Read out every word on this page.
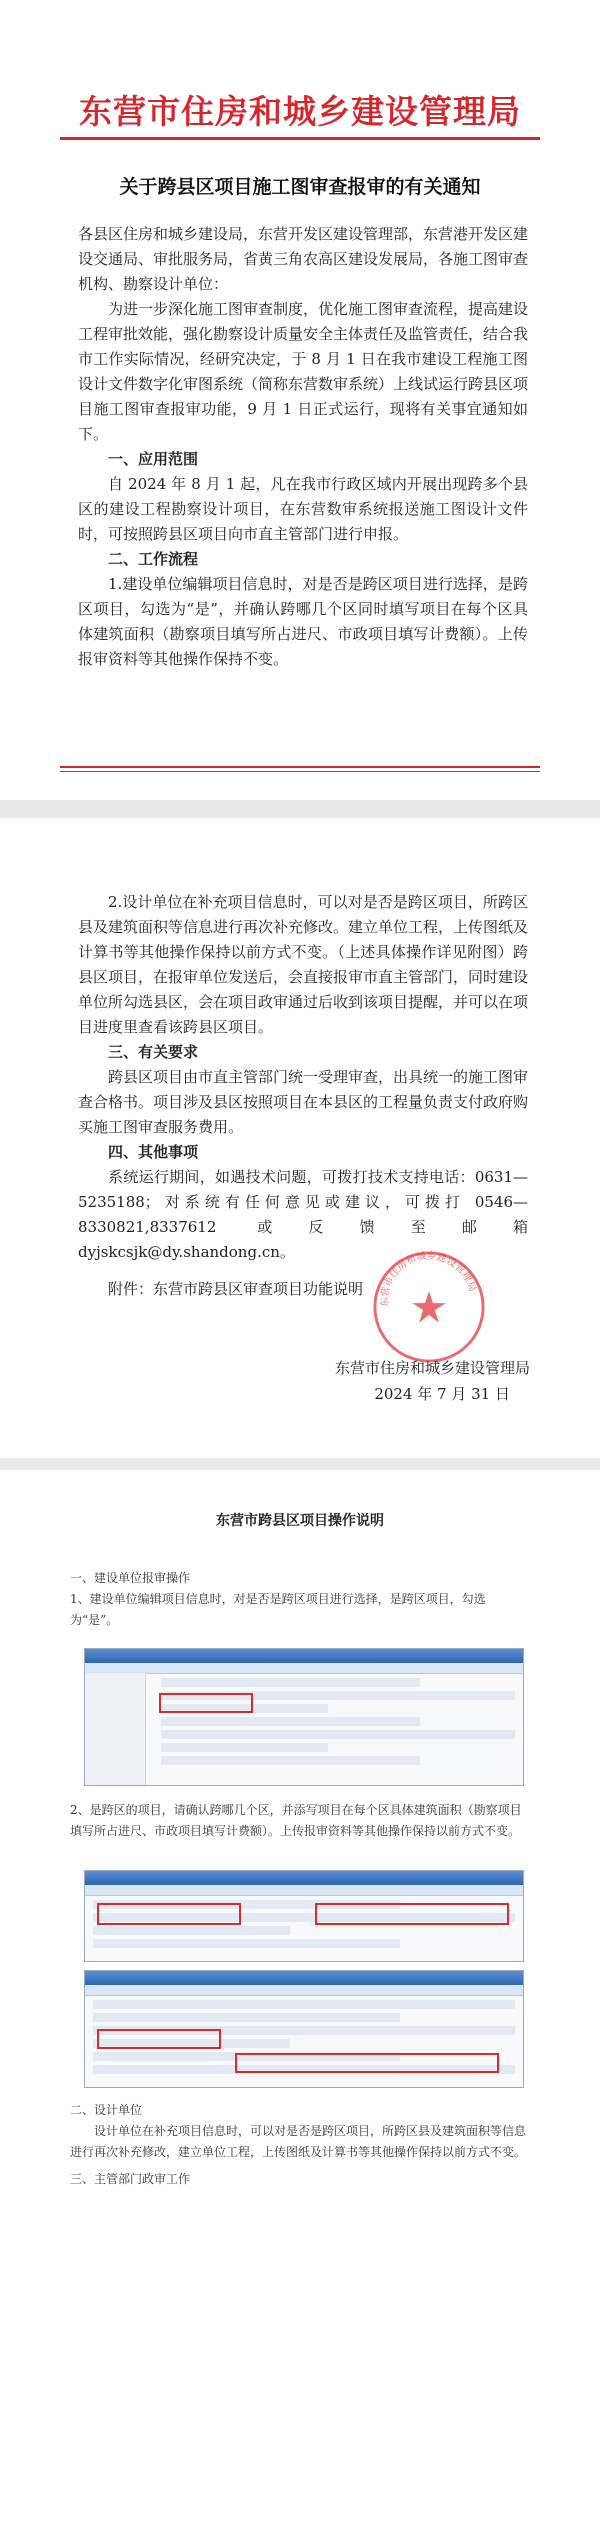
东营市住房和城乡建设管理局
关于跨县区项目施工图审查报审的有关通知

各县区住房和城乡建设局，东营开发区建设管理部，东营港开发区建设交通局、审批服务局，省黄三角农高区建设发展局，各施工图审查机构、勘察设计单位：

为进一步深化施工图审查制度，优化施工图审查流程，提高建设工程审批效能，强化勘察设计质量安全主体责任及监管责任，结合我市工作实际情况，经研究决定，于 8 月 1 日在我市建设工程施工图设计文件数字化审图系统（简称东营数审系统）上线试运行跨县区项目施工图审查报审功能，9 月 1 日正式运行，现将有关事宜通知如下。

一、应用范围

自 2024 年 8 月 1 起，凡在我市行政区域内开展出现跨多个县区的建设工程勘察设计项目，在东营数审系统报送施工图设计文件时，可按照跨县区项目向市直主管部门进行申报。

二、工作流程

1.建设单位编辑项目信息时，对是否是跨区项目进行选择，是跨区项目，勾选为“是”，并确认跨哪几个区同时填写项目在每个区具体建筑面积（勘察项目填写所占进尺、市政项目填写计费额）。上传报审资料等其他操作保持不变。

2.设计单位在补充项目信息时，可以对是否是跨区项目，所跨区县及建筑面积等信息进行再次补充修改。建立单位工程，上传图纸及计算书等其他操作保持以前方式不变。（上述具体操作详见附图）跨县区项目，在报审单位发送后，会直接报审市直主管部门，同时建设单位所勾选县区，会在项目政审通过后收到该项目提醒，并可以在项目进度里查看该跨县区项目。

三、有关要求

跨县区项目由市直主管部门统一受理审查，出具统一的施工图审查合格书。项目涉及县区按照项目在本县区的工程量负责支付政府购买施工图审查服务费用。

四、其他事项

系统运行期间，如遇技术问题，可拨打技术支持电话：0631—5235188；对系统有任何意见或建议，可拨打 0546—8330821,8337612 或反馈至邮箱 dyjskcsjk@dy.shandong.cn。

附件：东营市跨县区审查项目功能说明

东营市住房和城乡建设管理局
东营市住房和城乡建设管理局
2024 年 7 月 31 日
东营市跨县区项目操作说明

一、建设单位报审操作

1、建设单位编辑项目信息时，对是否是跨区项目进行选择，是跨区项目，勾选为“是”。

2、是跨区的项目，请确认跨哪几个区，并添写项目在每个区具体建筑面积（勘察项目填写所占进尺、市政项目填写计费额）。上传报审资料等其他操作保持以前方式不变。

二、设计单位

设计单位在补充项目信息时，可以对是否是跨区项目，所跨区县及建筑面积等信息进行再次补充修改，建立单位工程，上传图纸及计算书等其他操作保持以前方式不变。

三、主管部门政审工作
